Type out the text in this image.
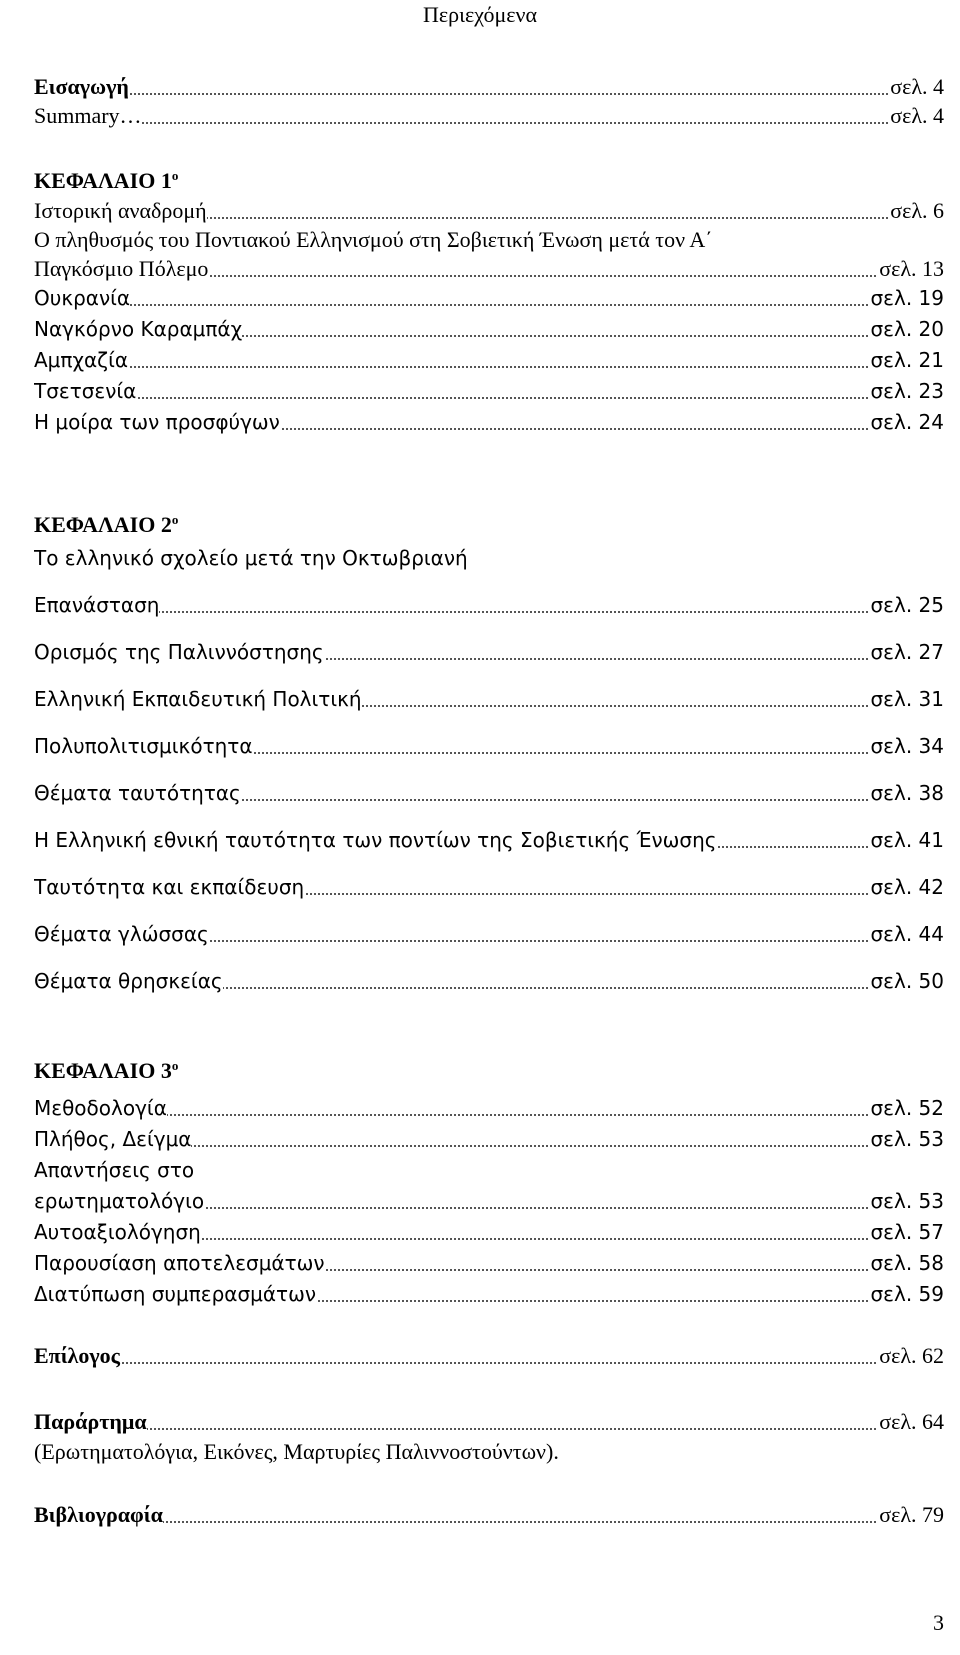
Περιεχόμενα
Εισαγωγή	σελ. 4
Summary…	σελ. 4
ΚΕΦΑΛΑΙΟ $1^o$
Ιστορική αναδρομή	σελ. 6
Ο πληθυσμός του Ποντιακού Ελληνισμού στη Σοβιετική Ένωση μετά τον Α΄
Παγκόσμιο Πόλεμο	σελ. 13
Ουκρανία	σελ. 19
Ναγκόρνο Καραμπάχ	σελ. 20
Αμπχαζία	σελ. 21
Τσετσενία	σελ. 23
Η μοίρα των προσφύγων	σελ. 24
ΚΕΦΑΛΑΙΟ $2^o$
Το ελληνικό σχολείο μετά την Οκτωβριανή
Επανάσταση	σελ. 25
Ορισμός της Παλιννόστησης	σελ. 27
Ελληνική Εκπαιδευτική Πολιτική	σελ. 31
Πολυπολιτισμικότητα	σελ. 34
Θέματα ταυτότητας	σελ. 38
Η Ελληνική εθνική ταυτότητα των ποντίων της Σοβιετικής Ένωσης	σελ. 41
Ταυτότητα και εκπαίδευση	σελ. 42
Θέματα γλώσσας	σελ. 44
Θέματα θρησκείας	σελ. 50
ΚΕΦΑΛΑΙΟ $3^o$
Μεθοδολογία	σελ. 52
Πλήθος, Δείγμα	σελ. 53
Απαντήσεις στο
ερωτηματολόγιο	σελ. 53
Αυτοαξιολόγηση	σελ. 57
Παρουσίαση αποτελεσμάτων	σελ. 58
Διατύπωση συμπερασμάτων	σελ. 59
Επίλογος	σελ. 62
Παράρτημα	σελ. 64
(Ερωτηματολόγια, Εικόνες, Μαρτυρίες Παλιννοστούντων).
Βιβλιογραφία	σελ. 79
3
